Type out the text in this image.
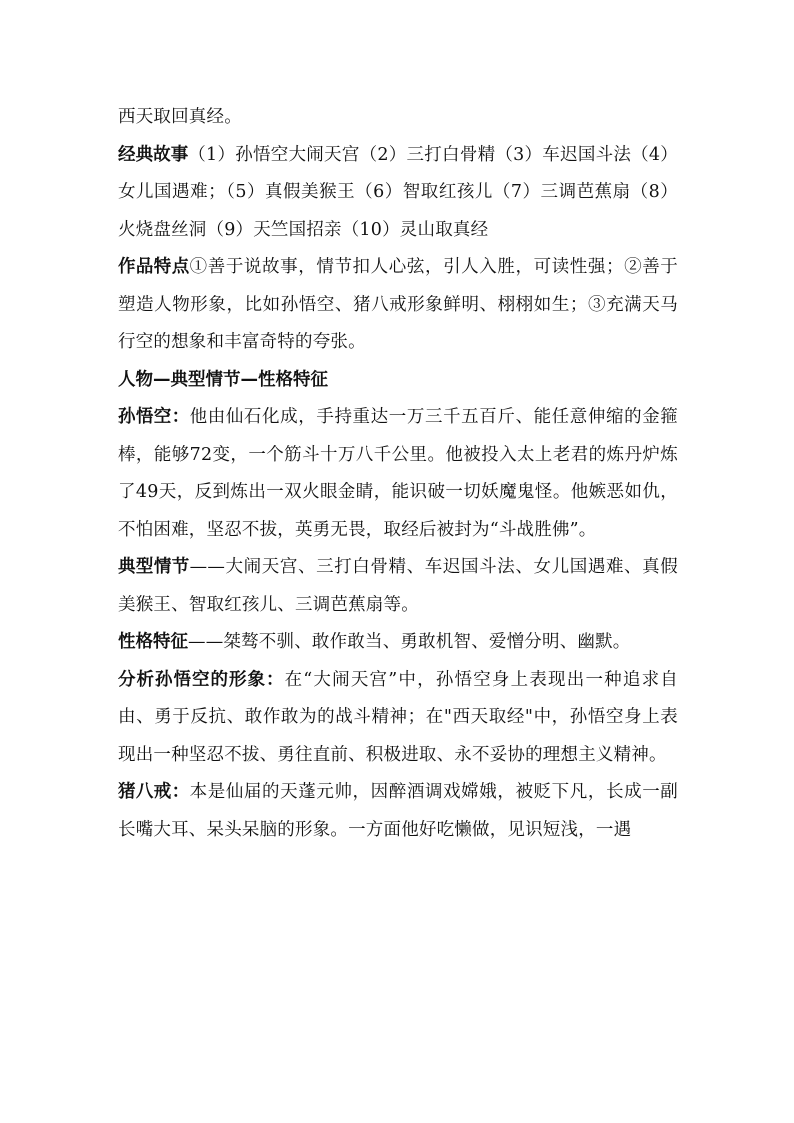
西天取回真经。

经典故事（1）孙悟空大闹天宫（2）三打白骨精（3）车迟国斗法（4）女儿国遇难；（5）真假美猴王（6）智取红孩儿（7）三调芭蕉扇（8）火烧盘丝洞（9）天竺国招亲（10）灵山取真经

作品特点①善于说故事，情节扣人心弦，引人入胜，可读性强；②善于塑造人物形象，比如孙悟空、猪八戒形象鲜明、栩栩如生；③充满天马行空的想象和丰富奇特的夸张。

人物—典型情节—性格特征

孙悟空：他由仙石化成，手持重达一万三千五百斤、能任意伸缩的金箍棒，能够72变，一个筋斗十万八千公里。他被投入太上老君的炼丹炉炼了49天，反到炼出一双火眼金睛，能识破一切妖魔鬼怪。他嫉恶如仇，不怕困难，坚忍不拔，英勇无畏，取经后被封为“斗战胜佛”。

典型情节——大闹天宫、三打白骨精、车迟国斗法、女儿国遇难、真假美猴王、智取红孩儿、三调芭蕉扇等。

性格特征——桀骜不驯、敢作敢当、勇敢机智、爱憎分明、幽默。

分析孙悟空的形象：在“大闹天宫”中，孙悟空身上表现出一种追求自由、勇于反抗、敢作敢为的战斗精神；在"西天取经"中，孙悟空身上表现出一种坚忍不拔、勇往直前、积极进取、永不妥协的理想主义精神。

猪八戒：本是仙届的天蓬元帅，因醉酒调戏嫦娥，被贬下凡，长成一副长嘴大耳、呆头呆脑的形象。一方面他好吃懒做，见识短浅，一遇
